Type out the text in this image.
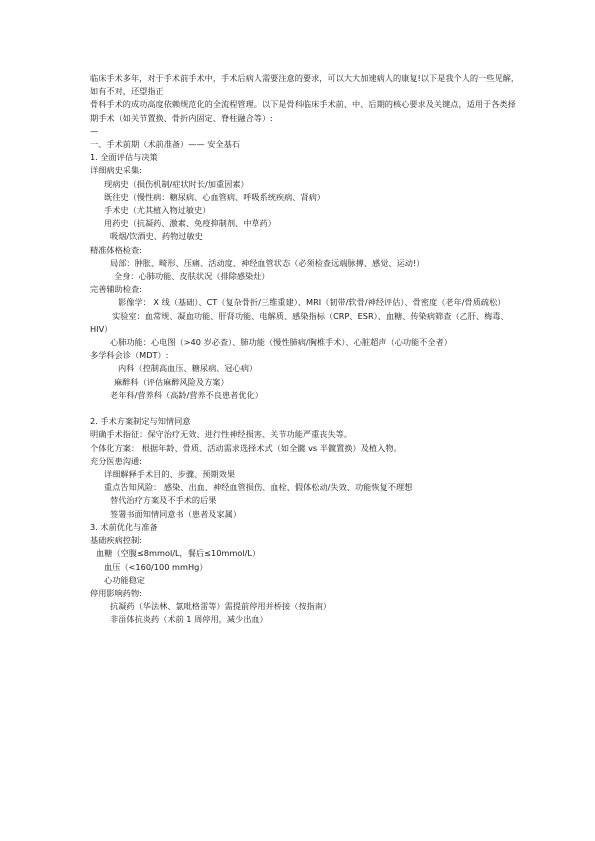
临床手术多年，对于手术前手术中，手术后病人需要注意的要求，可以大大加速病人的康复!以下是我个人的一些见解，如有不对，还望指正
骨科手术的成功高度依赖规范化的全流程管理。以下是骨科临床手术前、中、后期的核心要求及关键点，适用于各类择期手术（如关节置换、骨折内固定、脊柱融合等）:
—
一、手术前期（术前准备）—— 安全基石
1. 全面评估与决策
详细病史采集:
现病史（损伤机制/症状时长/加重因素）
既往史（慢性病：糖尿病、心血管病、呼吸系统疾病、肾病）
手术史（尤其植入物过敏史）
用药史（抗凝药、激素、免疫抑制剂、中草药）
吸烟/饮酒史、药物过敏史
精准体格检查:
局部：肿胀、畸形、压痛、活动度、神经血管状态（必须检查远端脉搏、感觉、运动!）
全身：心肺功能、皮肤状况（排除感染灶）
完善辅助检查:
影像学： X 线（基础）、CT（复杂骨折/三维重建）、MRI（韧带/软骨/神经评估）、骨密度（老年/骨质疏松）
实验室：血常规、凝血功能、肝肾功能、电解质、感染指标（CRP、ESR）、血糖、传染病筛查（乙肝、梅毒、HIV）
心肺功能：心电图（>40 岁必查）、肺功能（慢性肺病/胸椎手术）、心脏超声（心功能不全者）
多学科会诊（MDT）:
内科（控制高血压、糖尿病、冠心病）
麻醉科（评估麻醉风险及方案）
老年科/营养科（高龄/营养不良患者优化）
2. 手术方案制定与知情同意
明确手术指征：保守治疗无效、进行性神经损害、关节功能严重丧失等。
个体化方案： 根据年龄、骨质、活动需求选择术式（如全髋 vs 半髋置换）及植入物。
充分医患沟通:
详细解释手术目的、步骤、预期效果
重点告知风险： 感染、出血、神经血管损伤、血栓、假体松动/失效、功能恢复不理想
替代治疗方案及不手术的后果
签署书面知情同意书（患者及家属）
3. 术前优化与准备
基础疾病控制:
血糖（空腹≤8mmol/L，餐后≤10mmol/L）
血压（<160/100 mmHg）
心功能稳定
停用影响药物:
抗凝药（华法林、氯吡格雷等）需提前停用并桥接（按指南）
非甾体抗炎药（术前 1 周停用，减少出血）
